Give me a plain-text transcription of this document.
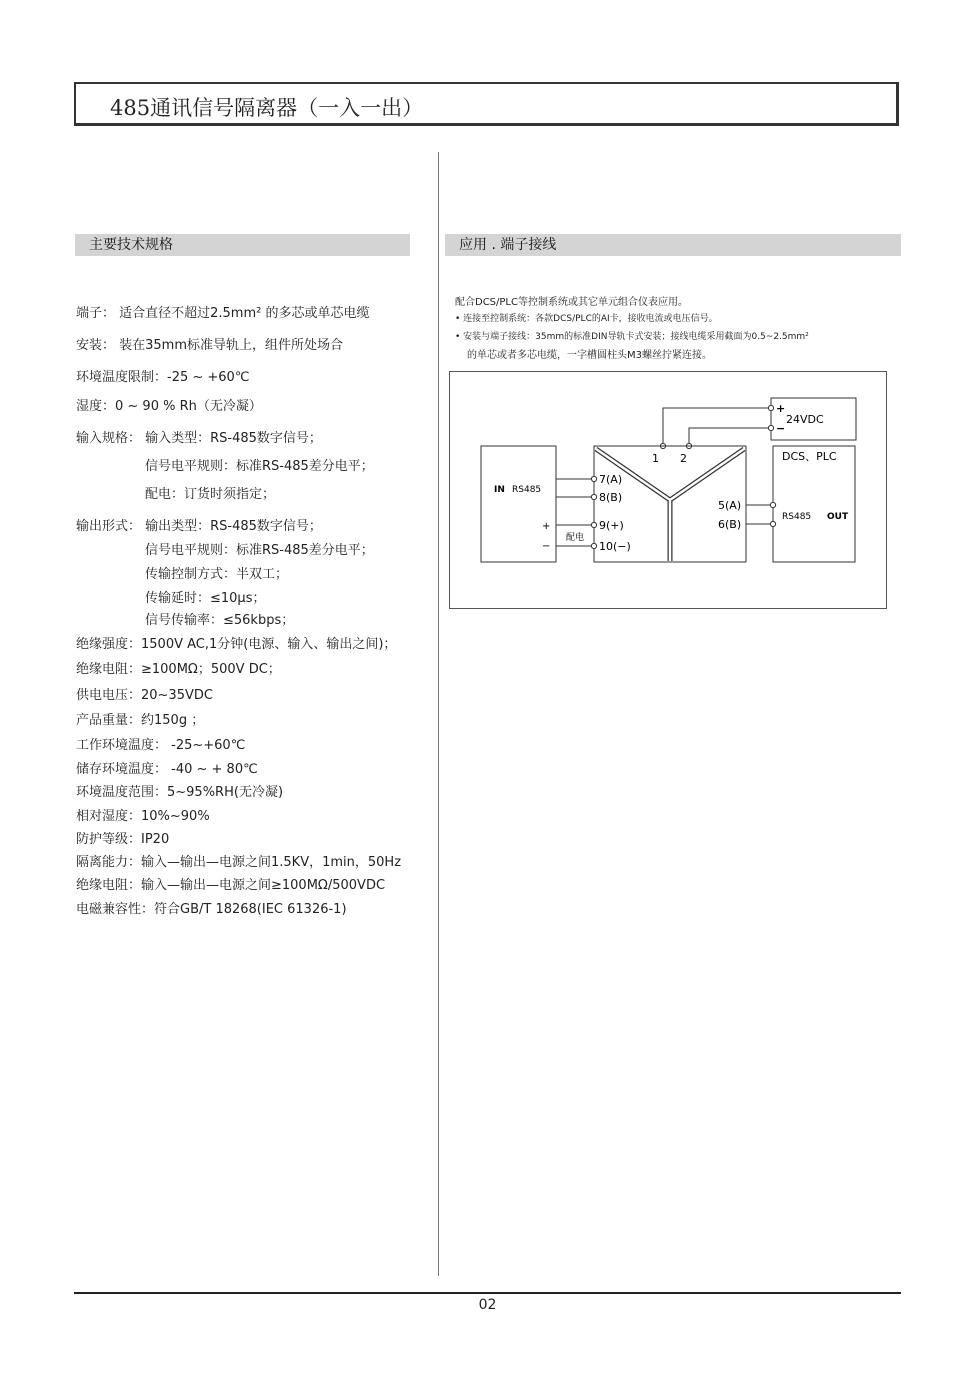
485通讯信号隔离器（一入一出）
主要技术规格	应用 . 端子接线
端子： 适合直径不超过2.5mm² 的多芯或单芯电缆
安装： 装在35mm标准导轨上，组件所处场合
环境温度限制：-25 ~ +60℃
湿度：0 ~ 90 % Rh（无冷凝）
输入规格： 输入类型：RS-485数字信号；
信号电平规则：标准RS-485差分电平；
配电：订货时须指定；
输出形式： 输出类型：RS-485数字信号；
信号电平规则：标准RS-485差分电平；
传输控制方式：半双工；
传输延时：≤10μs；
信号传输率：≤56kbps；
绝缘强度：1500V AC,1分钟(电源、输入、输出之间)；
绝缘电阻：≥100MΩ；500V DC；
供电电压：20~35VDC
产品重量：约150g ；
工作环境温度： -25~+60℃
储存环境温度： -40 ~ + 80℃
环境温度范围：5~95%RH(无冷凝)
相对湿度：10%~90%
防护等级：IP20
隔离能力：输入—输出—电源之间1.5KV，1min，50Hz
绝缘电阻：输入—输出—电源之间≥100MΩ/500VDC
电磁兼容性：符合GB/T 18268(IEC 61326-1)
配合DCS/PLC等控制系统或其它单元组合仪表应用。
• 连接至控制系统：各款DCS/PLC的AI卡，接收电流或电压信号。
• 安装与端子接线：35mm的标准DIN导轨卡式安装；接线电缆采用截面为0.5~2.5mm²
的单芯或者多芯电缆，一字槽圆柱头M3螺丝拧紧连接。
+
−
24VDC
1 2
IN RS485
7(A)
8(B)
9(+)
10(−)
+
−
配电
DCS、PLC
RS485 OUT
5(A)
6(B)
02
